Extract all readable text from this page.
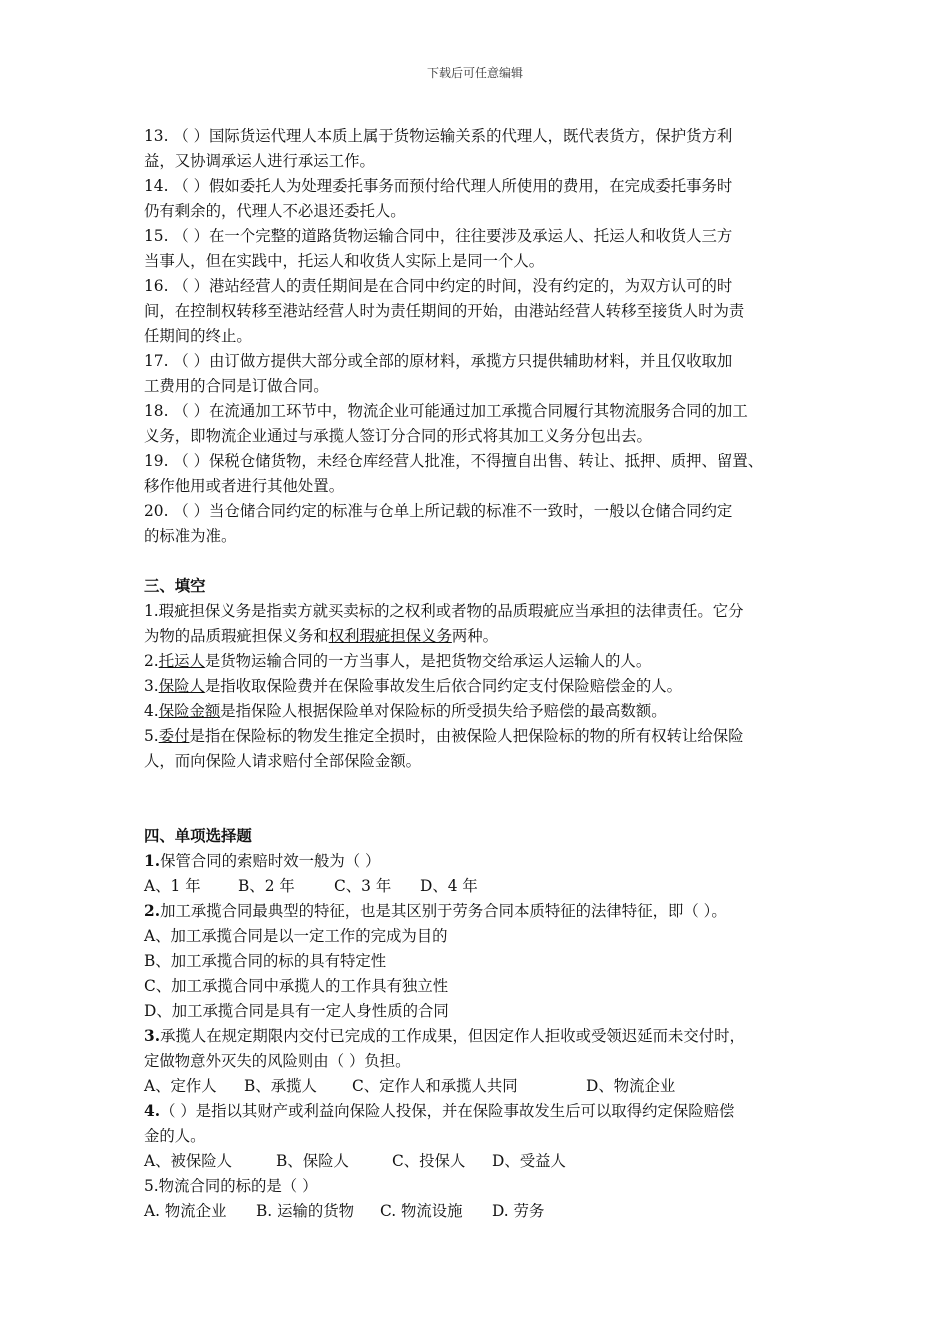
下载后可任意编辑
13. （ ）国际货运代理人本质上属于货物运输关系的代理人，既代表货方，保护货方利
益，又协调承运人进行承运工作。
14. （ ）假如委托人为处理委托事务而预付给代理人所使用的费用，在完成委托事务时
仍有剩余的，代理人不必退还委托人。
15. （ ）在一个完整的道路货物运输合同中，往往要涉及承运人、托运人和收货人三方
当事人，但在实践中，托运人和收货人实际上是同一个人。
16. （ ）港站经营人的责任期间是在合同中约定的时间，没有约定的，为双方认可的时
间，在控制权转移至港站经营人时为责任期间的开始，由港站经营人转移至接货人时为责
任期间的终止。
17. （ ）由订做方提供大部分或全部的原材料，承揽方只提供辅助材料，并且仅收取加
工费用的合同是订做合同。
18. （ ）在流通加工环节中，物流企业可能通过加工承揽合同履行其物流服务合同的加工
义务，即物流企业通过与承揽人签订分合同的形式将其加工义务分包出去。
19. （ ）保税仓储货物，未经仓库经营人批准，不得擅自出售、转让、抵押、质押、留置、
移作他用或者进行其他处置。
20. （ ）当仓储合同约定的标准与仓单上所记载的标准不一致时，一般以仓储合同约定
的标准为准。
三、填空
1.瑕疵担保义务是指卖方就买卖标的之权利或者物的品质瑕疵应当承担的法律责任。它分
为物的品质瑕疵担保义务和权利瑕疵担保义务两种。
2.托运人是货物运输合同的一方当事人，是把货物交给承运人运输人的人。
3.保险人是指收取保险费并在保险事故发生后依合同约定支付保险赔偿金的人。
4.保险金额是指保险人根据保险单对保险标的所受损失给予赔偿的最高数额。
5.委付是指在保险标的物发生推定全损时，由被保险人把保险标的物的所有权转让给保险
人，而向保险人请求赔付全部保险金额。
四、单项选择题
1.保管合同的索赔时效一般为（ ）
A、1 年 B、2 年	C、3 年 D、4 年
2.加工承揽合同最典型的特征，也是其区别于劳务合同本质特征的法律特征，即（ ）。
A、加工承揽合同是以一定工作的完成为目的
B、加工承揽合同的标的具有特定性
C、加工承揽合同中承揽人的工作具有独立性
D、加工承揽合同是具有一定人身性质的合同
3.承揽人在规定期限内交付已完成的工作成果，但因定作人拒收或受领迟延而未交付时，
定做物意外灭失的风险则由（ ）负担。
A、定作人 B、承揽人 C、定作人和承揽人共同	D、物流企业
4.（ ）是指以其财产或利益向保险人投保，并在保险事故发生后可以取得约定保险赔偿
金的人。
A、被保险人	B、保险人	C、投保人 D、受益人
5.物流合同的标的是（ ）
A. 物流企业 B. 运输的货物 C. 物流设施 D. 劳务
